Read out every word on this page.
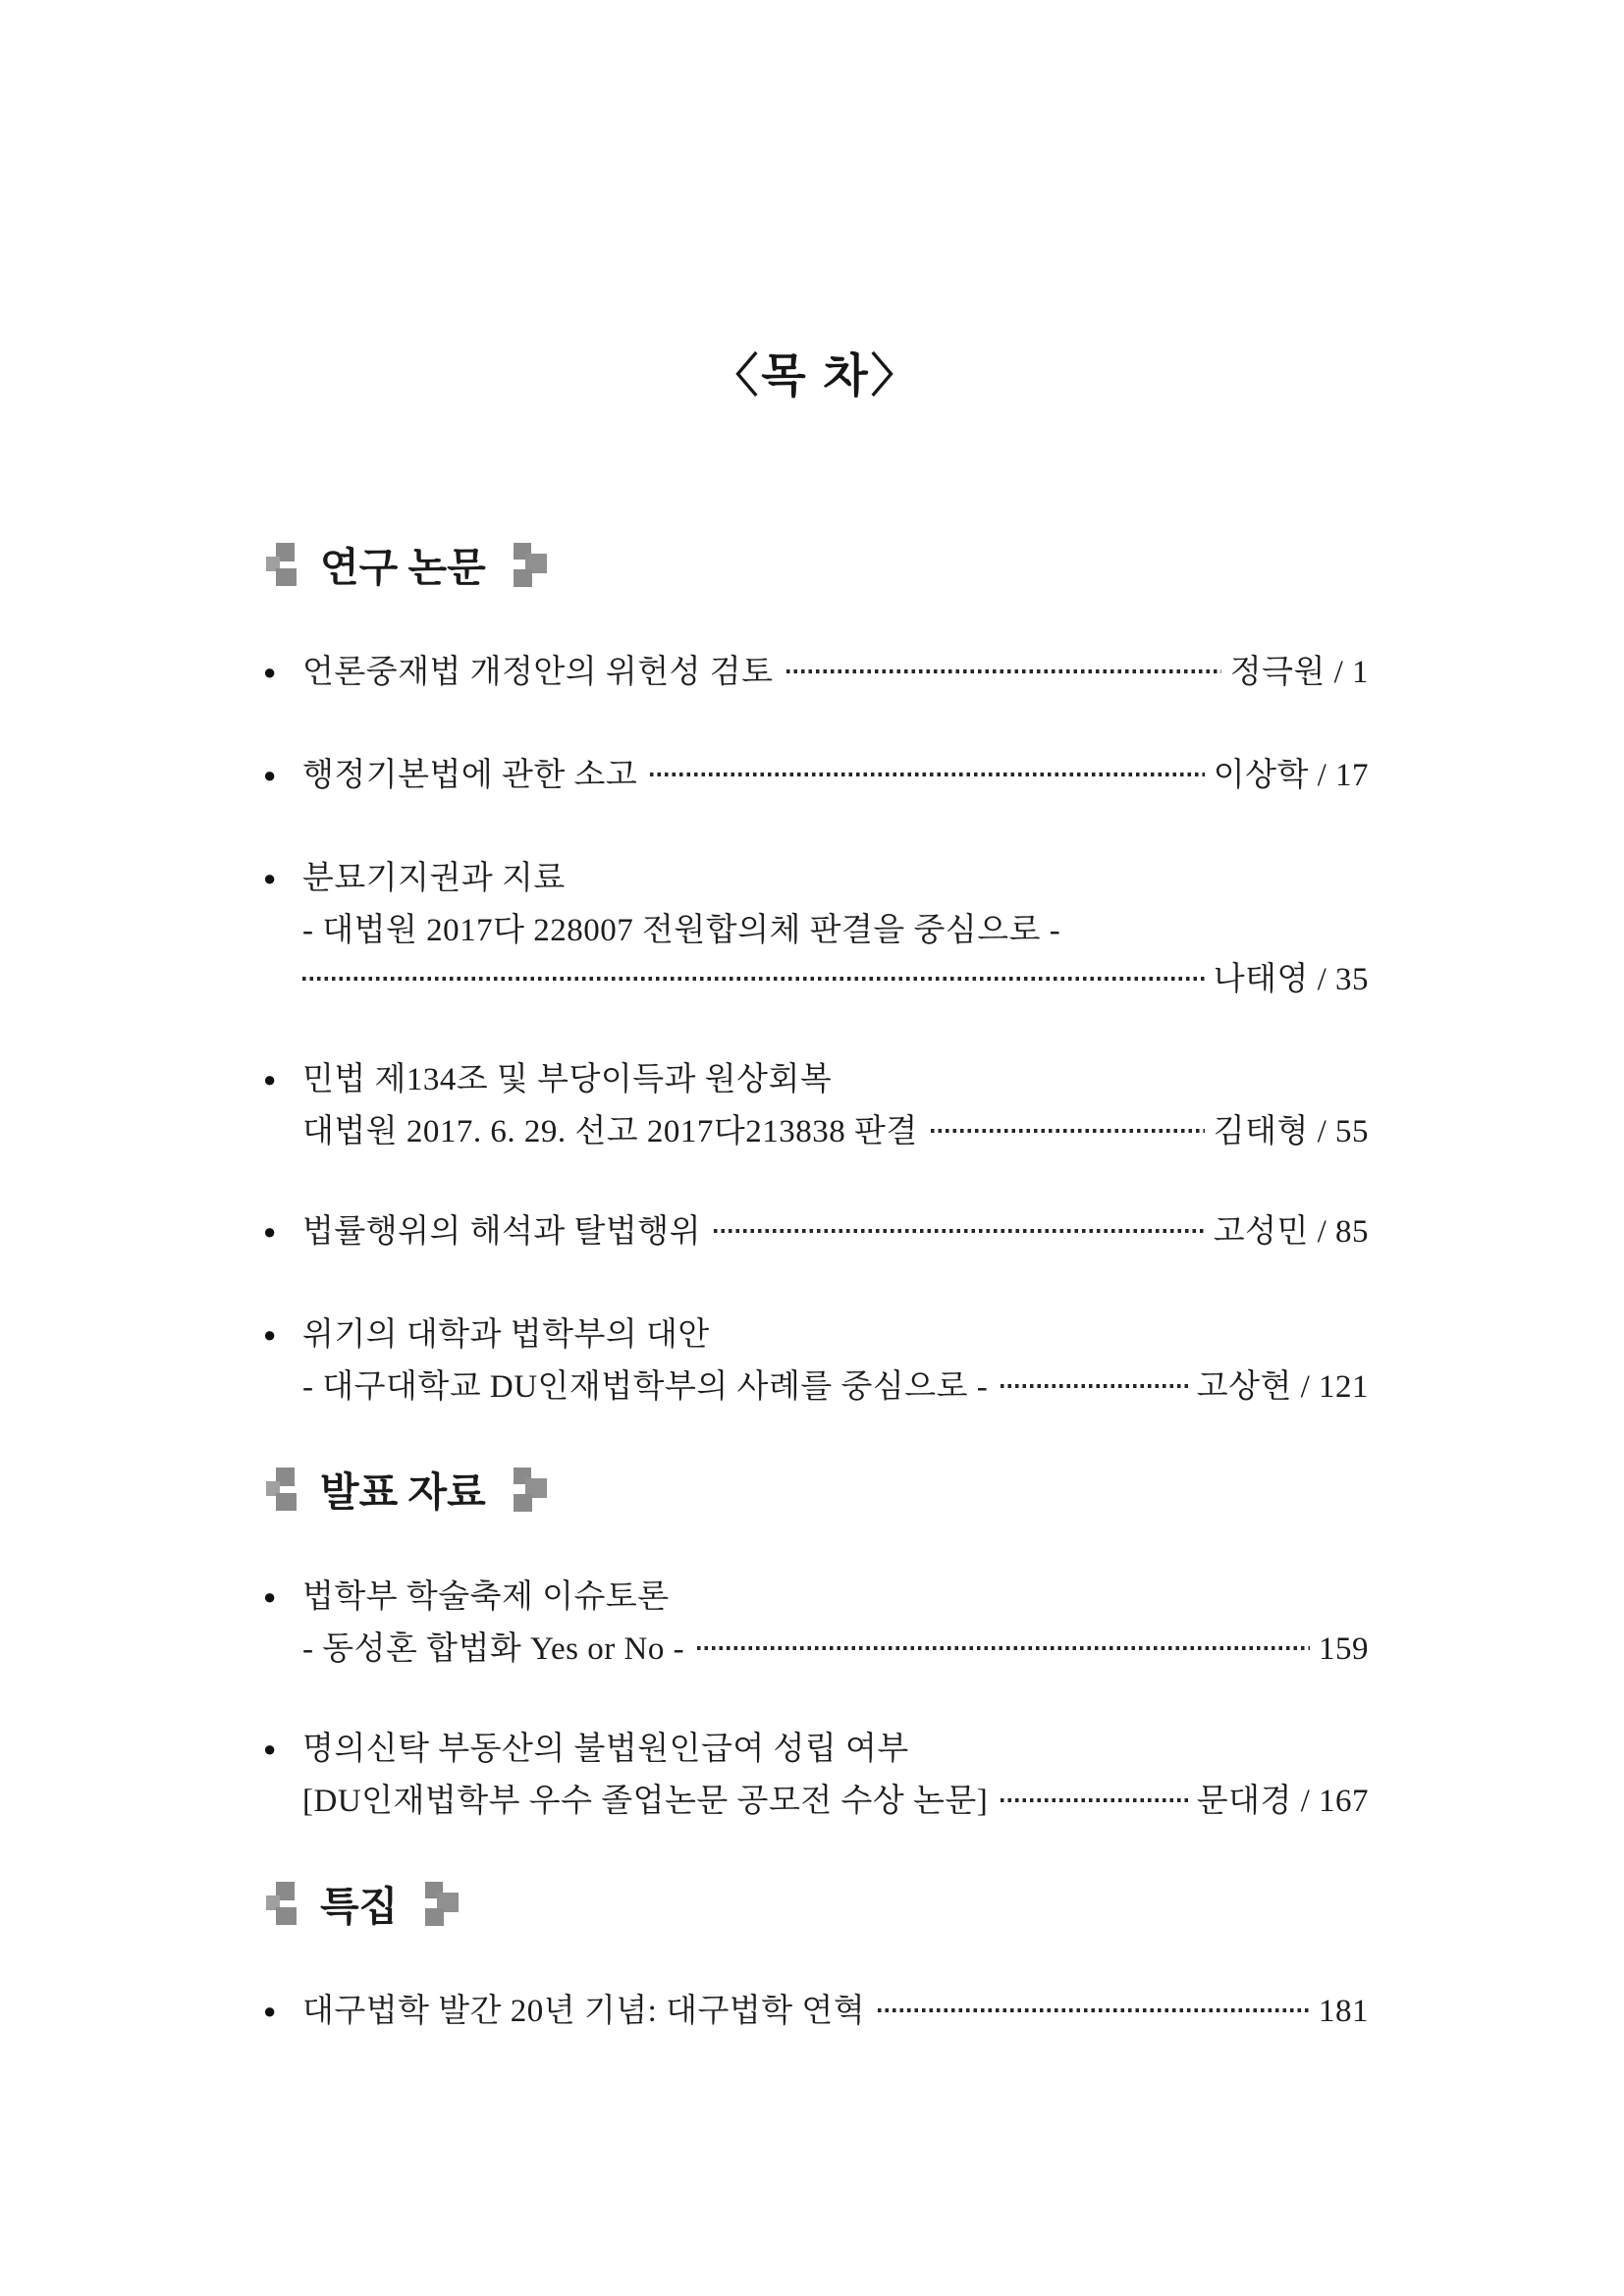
〈목 차〉
연구 논문
● 언론중재법 개정안의 위헌성 검토	정극원 / 1
● 행정기본법에 관한 소고	이상학 / 17
● 분묘기지권과 지료
- 대법원 2017다 228007 전원합의체 판결을 중심으로 -
나태영 / 35
● 민법 제134조 및 부당이득과 원상회복
대법원 2017. 6. 29. 선고 2017다213838 판결	김태형 / 55
● 법률행위의 해석과 탈법행위	고성민 / 85
● 위기의 대학과 법학부의 대안
- 대구대학교 DU인재법학부의 사례를 중심으로 -	고상현 / 121
발표 자료
● 법학부 학술축제 이슈토론
- 동성혼 합법화 Yes or No -	159
● 명의신탁 부동산의 불법원인급여 성립 여부
[DU인재법학부 우수 졸업논문 공모전 수상 논문]	문대경 / 167
특집
● 대구법학 발간 20년 기념: 대구법학 연혁	181
